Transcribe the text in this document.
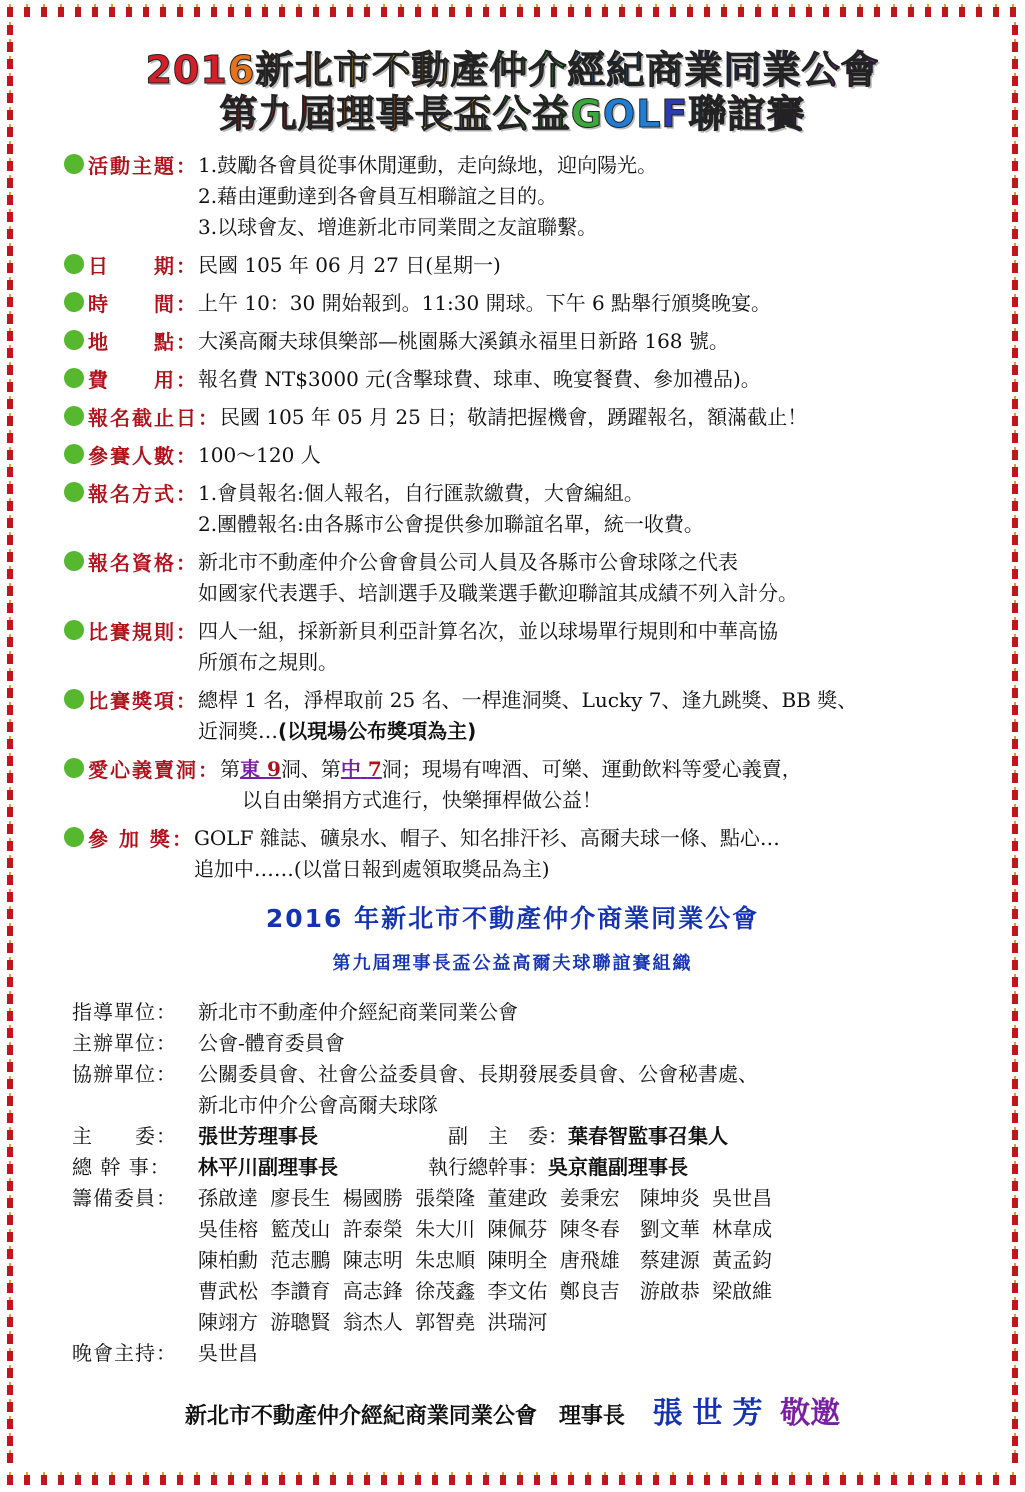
2016新北市不動產仲介經紀商業同業公會
第九屆理事長盃公益GOLF聯誼賽
活動主題 ： 1.鼓勵各會員從事休閒運動，走向綠地，迎向陽光。
2.藉由運動達到各會員互相聯誼之目的。
3.以球會友、增進新北市同業間之友誼聯繫。
日　　期 ： 民國 105 年 06 月 27 日(星期一)
時　　間 ： 上午 10：30 開始報到。11:30 開球。下午 6 點舉行頒獎晚宴。
地　　點 ： 大溪高爾夫球俱樂部—桃園縣大溪鎮永福里日新路 168 號。
費　　用 ： 報名費 NT$3000 元(含擊球費、球車、晚宴餐費、參加禮品)。
報名截止日 ： 民國 105 年 05 月 25 日；敬請把握機會，踴躍報名，額滿截止！
參賽人數 ： 100～120 人
報名方式 ： 1.會員報名:個人報名，自行匯款繳費，大會編組。
2.團體報名:由各縣市公會提供參加聯誼名單，統一收費。
報名資格 ： 新北市不動產仲介公會會員公司人員及各縣市公會球隊之代表
如國家代表選手、培訓選手及職業選手歡迎聯誼其成績不列入計分。
比賽規則 ： 四人一組，採新新貝利亞計算名次，並以球場單行規則和中華高協
所頒布之規則。
比賽獎項 ： 總桿 1 名，淨桿取前 25 名、一桿進洞獎、Lucky 7、逢九跳獎、BB 獎、
近洞獎…(以現場公布獎項為主)
愛心義賣洞 ： 第東 9洞、第中 7洞；現場有啤酒、可樂、運動飲料等愛心義賣，
以自由樂捐方式進行，快樂揮桿做公益！
參 加 獎 ： GOLF 雜誌、礦泉水、帽子、知名排汗衫、高爾夫球一條、點心…
追加中……(以當日報到處領取獎品為主)
2016 年新北市不動產仲介商業同業公會
第九屆理事長盃公益高爾夫球聯誼賽組織
指導單位：	新北市不動產仲介經紀商業同業公會
主辦單位：	公會-體育委員會
協辦單位：	公關委員會、社會公益委員會、長期發展委員會、公會秘書處、
新北市仲介公會高爾夫球隊
主　　委：	張世芳理事長	副　主　委：葉春智監事召集人
總 幹 事：	林平川副理事長	執行總幹事：吳京龍副理事長
籌備委員：	孫啟達 廖長生 楊國勝 張榮隆 董建政 姜秉宏　陳坤炎 吳世昌
吳佳榕 籃茂山 許泰榮 朱大川 陳佩芬 陳冬春　劉文華 林韋成
陳柏勳 范志鵬 陳志明 朱忠順 陳明全 唐飛雄　蔡建源 黃孟鈞
曹武松 李讚育 高志鋒 徐茂鑫 李文佑 鄭良吉　游啟恭 梁啟維
陳翊方 游聰賢 翁杰人 郭智堯 洪瑞河
晚會主持：	吳世昌
新北市不動產仲介經紀商業同業公會　理事長 張世芳 敬邀
